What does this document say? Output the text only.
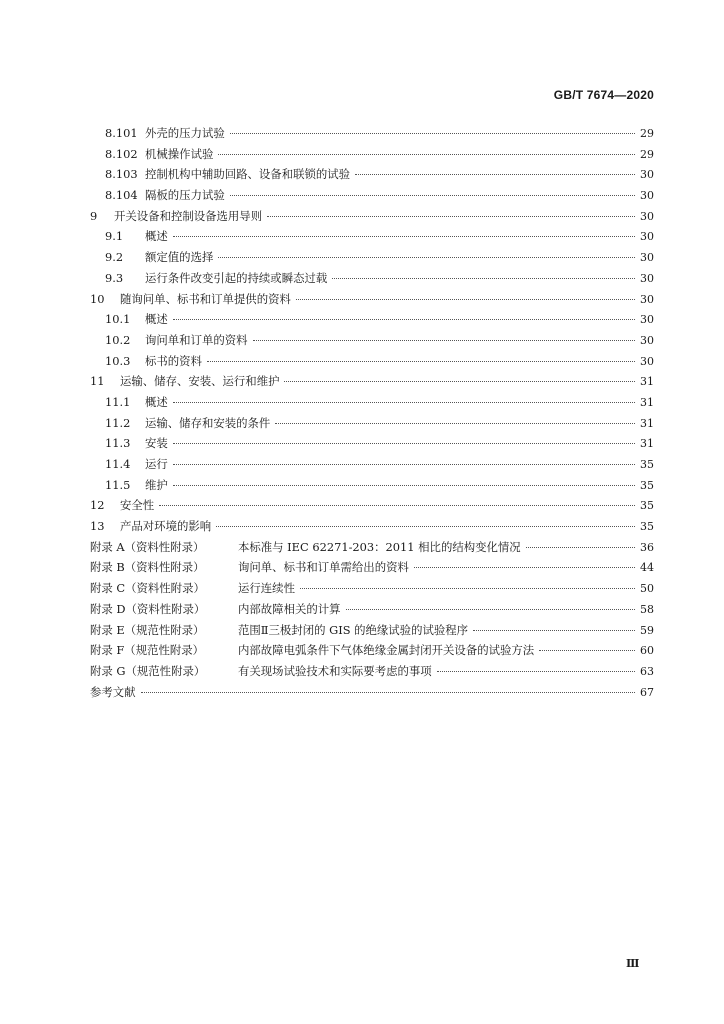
GB/T 7674—2020
8.101 外壳的压力试验	29
8.102 机械操作试验	29
8.103 控制机构中辅助回路、设备和联锁的试验	30
8.104 隔板的压力试验	30
9	开关设备和控制设备选用导则	30
9.1	概述	30
9.2	额定值的选择	30
9.3	运行条件改变引起的持续或瞬态过载	30
10	随询问单、标书和订单提供的资料	30
10.1	概述	30
10.2	询问单和订单的资料	30
10.3	标书的资料	30
11	运输、储存、安装、运行和维护	31
11.1	概述	31
11.2	运输、储存和安装的条件	31
11.3	安装	31
11.4	运行	35
11.5	维护	35
12	安全性	35
13	产品对环境的影响	35
附录 A（资料性附录）	本标准与 IEC 62271-203：2011 相比的结构变化情况	36
附录 B（资料性附录）	询问单、标书和订单需给出的资料	44
附录 C（资料性附录）	运行连续性	50
附录 D（资料性附录）	内部故障相关的计算	58
附录 E（规范性附录）	范围Ⅱ三极封闭的 GIS 的绝缘试验的试验程序	59
附录 F（规范性附录）	内部故障电弧条件下气体绝缘金属封闭开关设备的试验方法	60
附录 G（规范性附录）	有关现场试验技术和实际要考虑的事项	63
参考文献	67
Ⅲ
